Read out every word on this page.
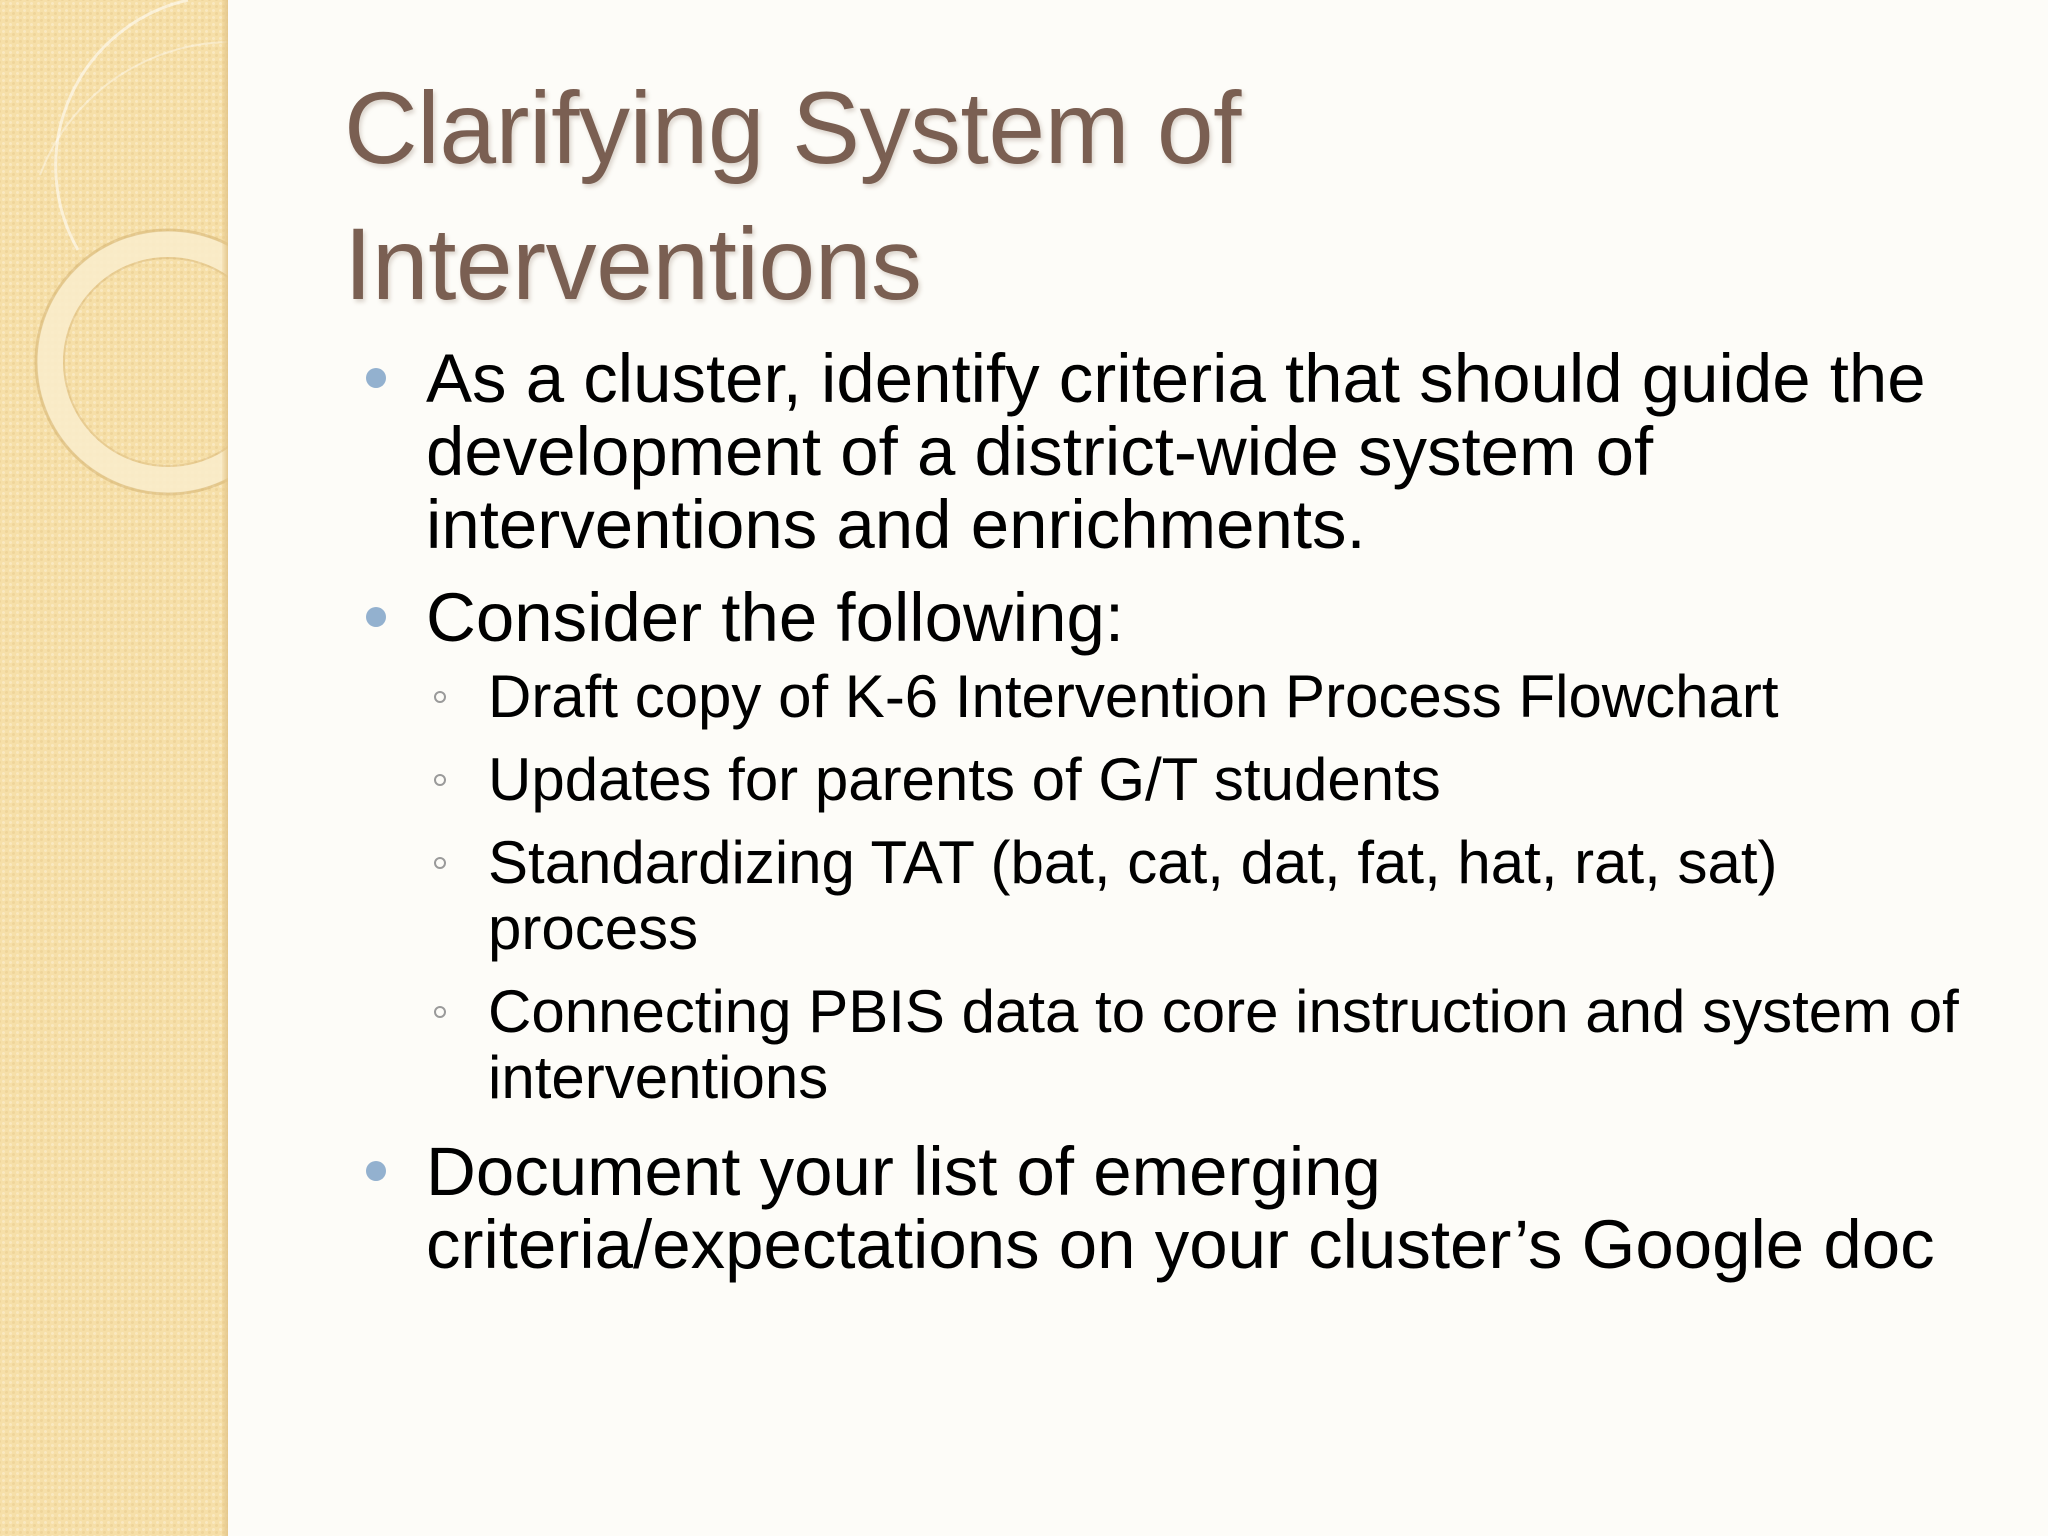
Clarifying System of
Interventions
As a cluster, identify criteria that should guide the development of a district-wide system of interventions and enrichments.
Consider the following:
Draft copy of K-6 Intervention Process Flowchart
Updates for parents of G/T students
Standardizing TAT (bat, cat, dat, fat, hat, rat, sat) process
Connecting PBIS data to core instruction and system of interventions
Document your list of emerging criteria/expectations on your cluster’s Google doc
